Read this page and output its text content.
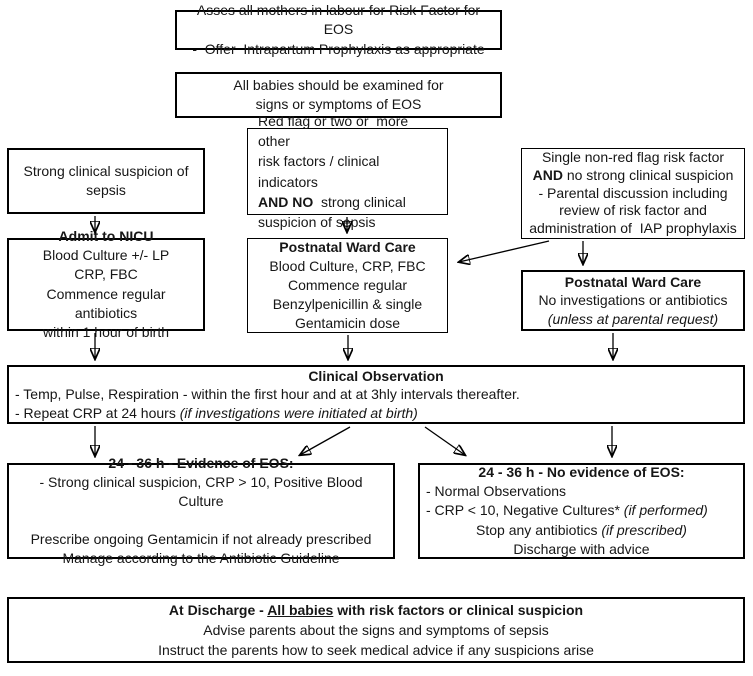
Asses all mothers in labour for Risk Factor for EOS
-  Offer  Intrapartum Prophylaxis as appropriate
All babies should be examined for
signs or symptoms of EOS
Strong clinical suspicion of
sepsis
Red flag or two or  more other
risk factors / clinical indicators
AND NO  strong clinical
suspicion of sepsis
Single non-red flag risk factor
AND no strong clinical suspicion
- Parental discussion including
review of risk factor and
administration of  IAP prophylaxis
Admit to NICU
Blood Culture +/- LP
CRP, FBC
Commence regular antibiotics
within 1 hour of birth
Postnatal Ward Care
Blood Culture, CRP, FBC
Commence regular
Benzylpenicillin & single
Gentamicin dose
Postnatal Ward Care
No investigations or antibiotics
(unless at parental request)
Clinical Observation
- Temp, Pulse, Respiration - within the first hour and at at 3hly intervals thereafter.
- Repeat CRP at 24 hours (if investigations were initiated at birth)
24 - 36 h - Evidence of EOS:
- Strong clinical suspicion, CRP > 10, Positive Blood Culture

Prescribe ongoing Gentamicin if not already prescribed
Manage according to the Antibiotic Guideline
24 - 36 h - No evidence of EOS:
- Normal Observations
- CRP < 10, Negative Cultures* (if performed)
Stop any antibiotics (if prescribed)
Discharge with advice
At Discharge - All babies with risk factors or clinical suspicion
Advise parents about the signs and symptoms of sepsis
Instruct the parents how to seek medical advice if any suspicions arise
